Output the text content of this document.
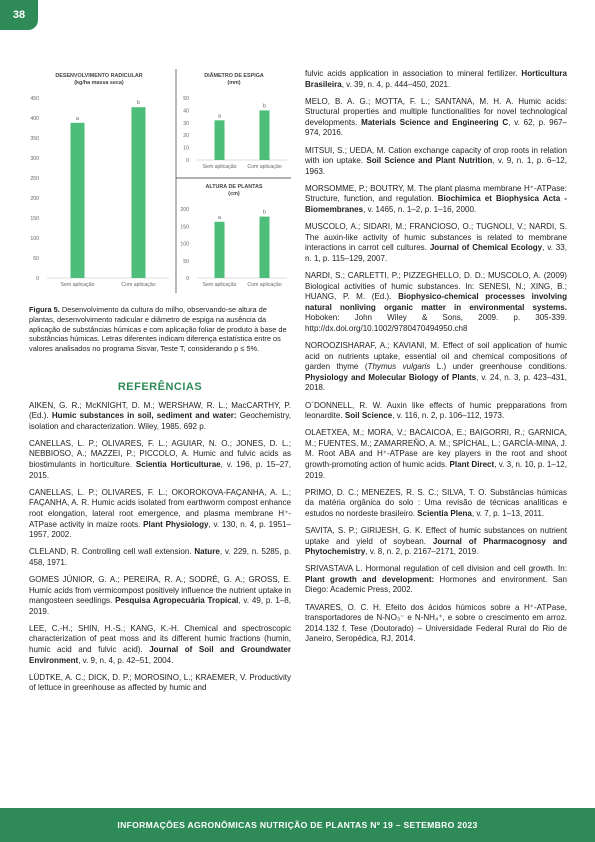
38
DESENVOLVIMENTO RADICULAR
(kg/ha massa seca)
450
400
350
300
250
200
150
100
50
0
a
Sem aplicação
b
Com aplicação
DIÂMETRO DE ESPIGA
(mm)
50
40
30
20
10
0
a
Sem aplicação
b
Com aplicação
ALTURA DE PLANTAS
(cm)
200
150
100
50
0
a
Sem aplicação
b
Com aplicação
Figura 5. Desenvolvimento da cultura do milho, observando-se altura de plantas, desenvolvimento radicular e diâmetro de espiga na ausência da aplicação de substâncias húmicas e com aplicação foliar de produto à base de substâncias húmicas. Letras diferentes indicam diferença estatística entre os valores analisados no programa Sisvar, Teste T, considerando p ≤ 5%.

REFERÊNCIAS

AIKEN, G. R.; McKNIGHT, D. M.; WERSHAW, R. L.; MacCARTHY, P. (Ed.). Humic substances in soil, sediment and water: Geochemistry, isolation and characterization. Wiley, 1985. 692 p.

CANELLAS, L. P.; OLIVARES, F. L.; AGUIAR, N. O.; JONES, D. L.; NEBBIOSO, A.; MAZZEI, P.; PICCOLO, A. Humic and fulvic acids as biostimulants in horticulture. Scientia Horticulturae, v. 196, p. 15–27, 2015.

CANELLAS, L. P.; OLIVARES, F. L.; OKOROKOVA-FAÇANHA, A. L.; FAÇANHA, A. R. Humic acids isolated from earthworm compost enhance root elongation, lateral root emergence, and plasma membrane H⁺-ATPase activity in maize roots. Plant Physiology, v. 130, n. 4, p. 1951–1957, 2002.

CLELAND, R. Controlling cell wall extension. Nature, v. 229, n. 5285, p. 458, 1971.

GOMES JÚNIOR, G. A.; PEREIRA, R. A.; SODRÉ, G. A.; GROSS, E. Humic acids from vermicompost positively influence the nutrient uptake in mangosteen seedlings. Pesquisa Agropecuária Tropical, v. 49, p. 1–8, 2019.

LEE, C.-H.; SHIN, H.-S.; KANG, K.-H. Chemical and spectroscopic characterization of peat moss and its different humic fractions (humin, humic acid and fulvic acid). Journal of Soil and Groundwater Environment, v. 9, n. 4, p. 42–51, 2004.

LÜDTKE, A. C.; DICK, D. P.; MOROSINO, L.; KRAEMER, V. Productivity of lettuce in greenhouse as affected by humic and

fulvic acids application in association to mineral fertilizer. Horticultura Brasileira, v. 39, n. 4, p. 444–450, 2021.

MELO, B. A. G.; MOTTA, F. L.; SANTANA, M. H. A. Humic acids: Structural properties and multiple functionalities for novel technological developments. Materials Science and Engineering C, v. 62, p. 967–974, 2016.

MITSUI, S.; UEDA, M. Cation exchange capacity of crop roots in relation with ion uptake. Soil Science and Plant Nutrition, v. 9, n. 1, p. 6–12, 1963.

MORSOMME, P.; BOUTRY, M. The plant plasma membrane H⁺-ATPase: Structure, function, and regulation. Biochimica et Biophysica Acta - Biomembranes, v. 1465, n. 1–2, p. 1–16, 2000.

MUSCOLO, A.; SIDARI, M.; FRANCIOSO, O.; TUGNOLI, V.; NARDI, S. The auxin-like activity of humic substances is related to membrane interactions in carrot cell cultures. Journal of Chemical Ecology, v. 33, n. 1, p. 115–129, 2007.

NARDI, S.; CARLETTI, P.; PIZZEGHELLO, D. D.; MUSCOLO, A. (2009) Biological activities of humic substances. In: SENESI, N.; XING, B.; HUANG, P. M. (Ed.). Biophysico-chemical processes involving natural nonliving organic matter in environmental systems. Hoboken: John Wiley & Sons, 2009. p. 305-339. http://dx.doi.org/10.1002/9780470494950.ch8

NOROOZISHARAF, A.; KAVIANI, M. Effect of soil application of humic acid on nutrients uptake, essential oil and chemical compositions of garden thyme (Thymus vulgaris L.) under greenhouse conditions. Physiology and Molecular Biology of Plants, v. 24, n. 3, p. 423–431, 2018.

O´DONNELL, R. W. Auxin like effects of humic prepparations from leonardite. Soil Science, v. 116, n. 2, p. 106–112, 1973.

OLAETXEA, M.; MORA, V.; BACAICOA, E.; BAIGORRI, R.; GARNICA, M.; FUENTES, M.; ZAMARREÑO, A. M.; SPÍCHAL, L.; GARCÍA-MINA, J. M. Root ABA and H⁺-ATPase are key players in the root and shoot growth-promoting action of humic acids. Plant Direct, v. 3, n. 10, p. 1–12, 2019.

PRIMO, D. C.; MENEZES, R. S. C.; SILVA, T. O. Substâncias húmicas da matéria orgânica do solo : Uma revisão de técnicas analíticas e estudos no nordeste brasileiro. Scientia Plena, v. 7, p. 1–13, 2011.

SAVITA, S. P.; GIRIJESH, G. K. Effect of humic substances on nutrient uptake and yield of soybean. Journal of Pharmacognosy and Phytochemistry, v. 8, n. 2, p. 2167–2171, 2019.

SRIVASTAVA L. Hormonal regulation of cell division and cell growth. In: Plant growth and development: Hormones and environment. San Diego: Academic Press, 2002.

TAVARES, O. C. H. Efeito dos ácidos húmicos sobre a H⁺-ATPase, transportadores de N-NO₃⁻ e N-NH₄⁺, e sobre o crescimento em arroz. 2014.132 f. Tese (Doutorado) – Universidade Federal Rural do Rio de Janeiro, Seropédica, RJ, 2014.

INFORMAÇÕES AGRONÔMICAS NUTRIÇÃO DE PLANTAS Nº 19 – SETEMBRO 2023
